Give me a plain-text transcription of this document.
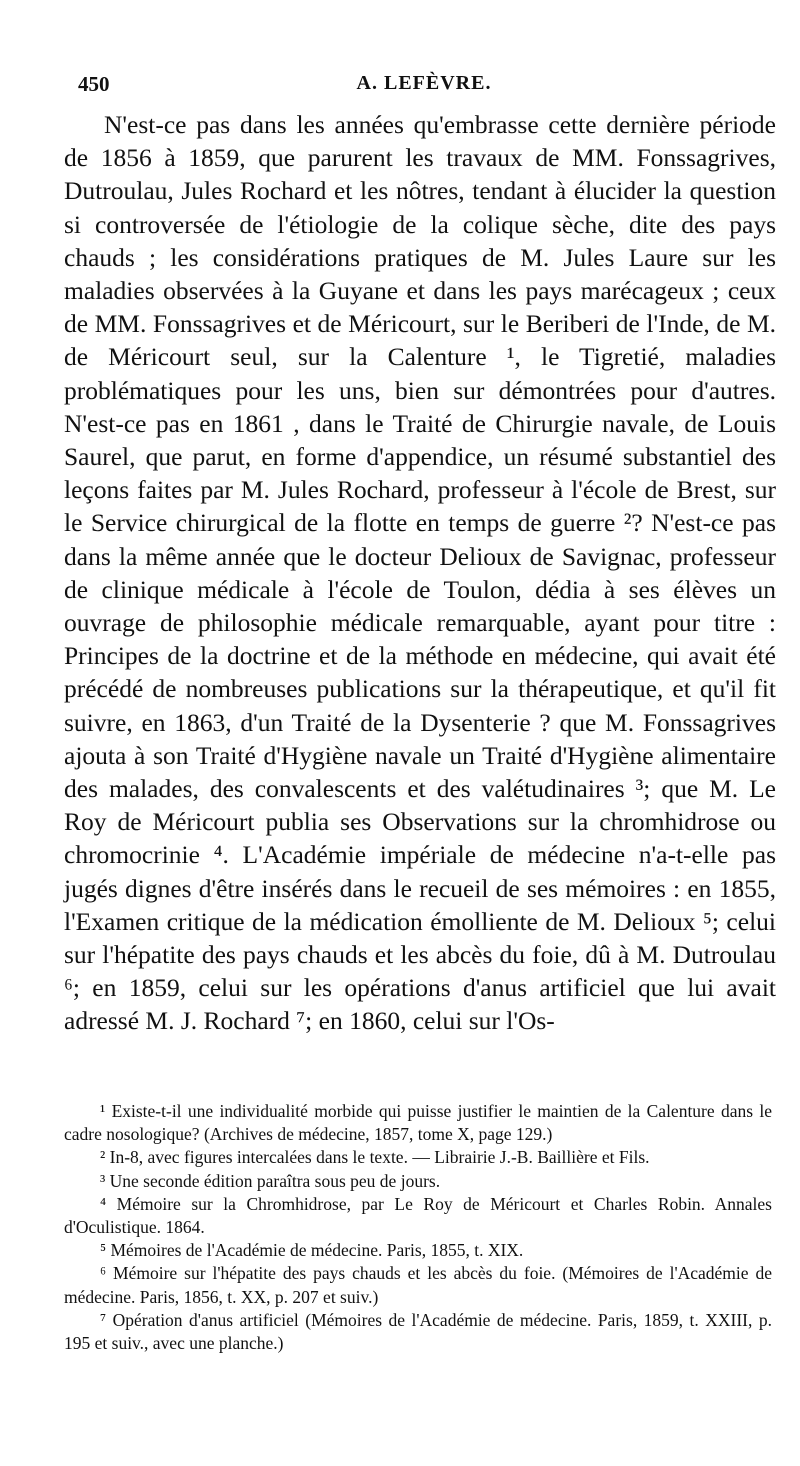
450	A. LEFÈVRE.

N'est-ce pas dans les années qu'embrasse cette dernière période de 1856 à 1859, que parurent les travaux de MM. Fonssagrives, Dutroulau, Jules Rochard et les nôtres, tendant à élucider la question si controversée de l'étiologie de la colique sèche, dite des pays chauds ; les considérations pratiques de M. Jules Laure sur les maladies observées à la Guyane et dans les pays marécageux ; ceux de MM. Fonssagrives et de Méricourt, sur le Beriberi de l'Inde, de M. de Méricourt seul, sur la Calenture ¹, le Tigretié, maladies problématiques pour les uns, bien sur démontrées pour d'autres. N'est-ce pas en 1861 , dans le Traité de Chirurgie navale, de Louis Saurel, que parut, en forme d'appendice, un résumé substantiel des leçons faites par M. Jules Rochard, professeur à l'école de Brest, sur le Service chirurgical de la flotte en temps de guerre ²? N'est-ce pas dans la même année que le docteur Delioux de Savignac, professeur de clinique médicale à l'école de Toulon, dédia à ses élèves un ouvrage de philosophie médicale remarquable, ayant pour titre : Principes de la doctrine et de la méthode en médecine, qui avait été précédé de nombreuses publications sur la thérapeutique, et qu'il fit suivre, en 1863, d'un Traité de la Dysenterie ? que M. Fonssagrives ajouta à son Traité d'Hygiène navale un Traité d'Hygiène alimentaire des malades, des convalescents et des valétudinaires ³; que M. Le Roy de Méricourt publia ses Observations sur la chromhidrose ou chromocrinie ⁴. L'Académie impériale de médecine n'a-t-elle pas jugés dignes d'être insérés dans le recueil de ses mémoires : en 1855, l'Examen critique de la médication émolliente de M. Delioux ⁵; celui sur l'hépatite des pays chauds et les abcès du foie, dû à M. Dutroulau ⁶; en 1859, celui sur les opérations d'anus artificiel que lui avait adressé M. J. Rochard ⁷; en 1860, celui sur l'Os-

¹ Existe-t-il une individualité morbide qui puisse justifier le maintien de la Calenture dans le cadre nosologique? (Archives de médecine, 1857, tome X, page 129.)

² In-8, avec figures intercalées dans le texte. — Librairie J.-B. Baillière et Fils.

³ Une seconde édition paraîtra sous peu de jours.

⁴ Mémoire sur la Chromhidrose, par Le Roy de Méricourt et Charles Robin. Annales d'Oculistique. 1864.

⁵ Mémoires de l'Académie de médecine. Paris, 1855, t. XIX.

⁶ Mémoire sur l'hépatite des pays chauds et les abcès du foie. (Mémoires de l'Académie de médecine. Paris, 1856, t. XX, p. 207 et suiv.)

⁷ Opération d'anus artificiel (Mémoires de l'Académie de médecine. Paris, 1859, t. XXIII, p. 195 et suiv., avec une planche.)
